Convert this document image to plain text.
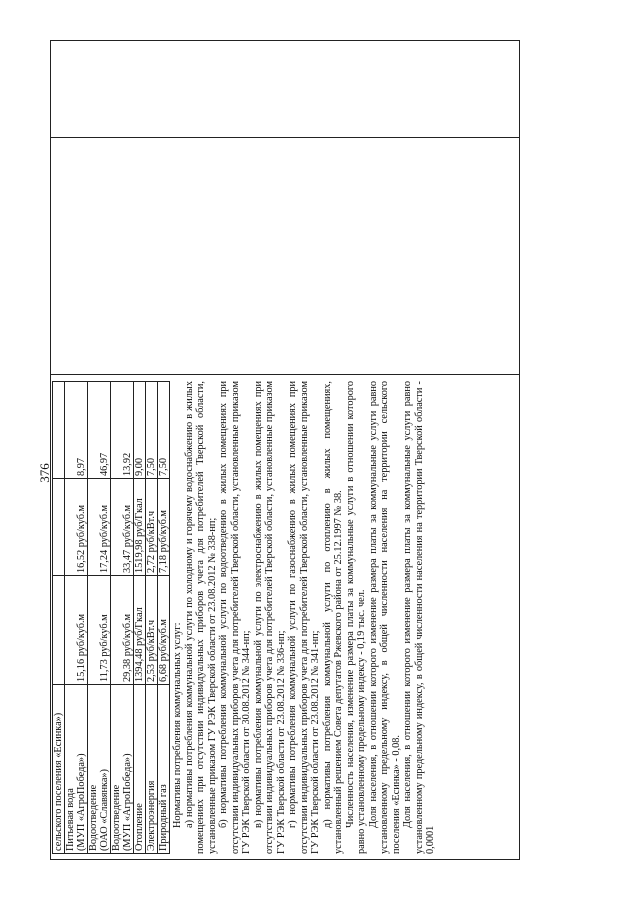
376
сельского поселения «Есинка»)			
Питьевая вода
(МУП «АгроПобеда»)	15,16 руб/куб.м	16,52 руб/куб.м	8,97
Водоотведение
(ОАО «Славянка»)	11,73 руб/куб.м	17,24 руб/куб.м	46,97
Водоотведение
(МУП «АгроПобеда»)	29,38 руб/куб.м	33,47 руб/куб.м	13,92
Отопление	1394,48 руб/Гкал	1519,98 руб/Гкал	9,00
Электроэнергия	2,53 руб/кВт.ч	2,72 руб/кВт.ч	7,50
Природный газ	6,68 руб/куб.м	7,18 руб/куб.м	7,50

Нормативы потребления коммунальных услуг: а) нормативы потребления коммунальной услуги по холодному и горячему водоснабжению в жилых помещениях при отсутствии индивидуальных приборов учета для потребителей Тверской области, установленные приказом ГУ РЭК Тверской области от 23.08.2012 № 338-нп; б) нормативы потребления коммунальной услуги по водоотведению в жилых помещениях при отсутствии индивидуальных приборов учета для потребителей Тверской области, установленные приказом ГУ РЭК Тверской области от 30.08.2012 № 344-нп; в) нормативы потребления коммунальной услуги по электроснабжению в жилых помещениях при отсутствии индивидуальных приборов учета для потребителей Тверской области, установленные приказом ГУ РЭК Тверской области от 23.08.2012 № 336-нп; г) нормативы потребления коммунальной услуги по газоснабжению в жилых помещениях при отсутствии индивидуальных приборов учета для потребителей Тверской области, установленные приказом ГУ РЭК Тверской области от 23.08.2012 № 341-нп; д) нормативы потребления коммунальной услуги по отоплению в жилых помещениях, установленный решением Совета депутатов Ржевского района от 25.12.1997 № 38. Численность населения, изменение размера платы за коммунальные услуги в отношении которого равно установленному предельному индексу - 0,19 тыс. чел. Доля населения, в отношении которого изменение размера платы за коммунальные услуги равно установленному предельному индексу, в общей численности населения на территории сельского поселения «Есинка» - 0,08. Доля населения, в отношении которого изменение размера платы за коммунальные услуги равно установленному предельному индексу, в общей численности населения на территории Тверской области - 0,0001
